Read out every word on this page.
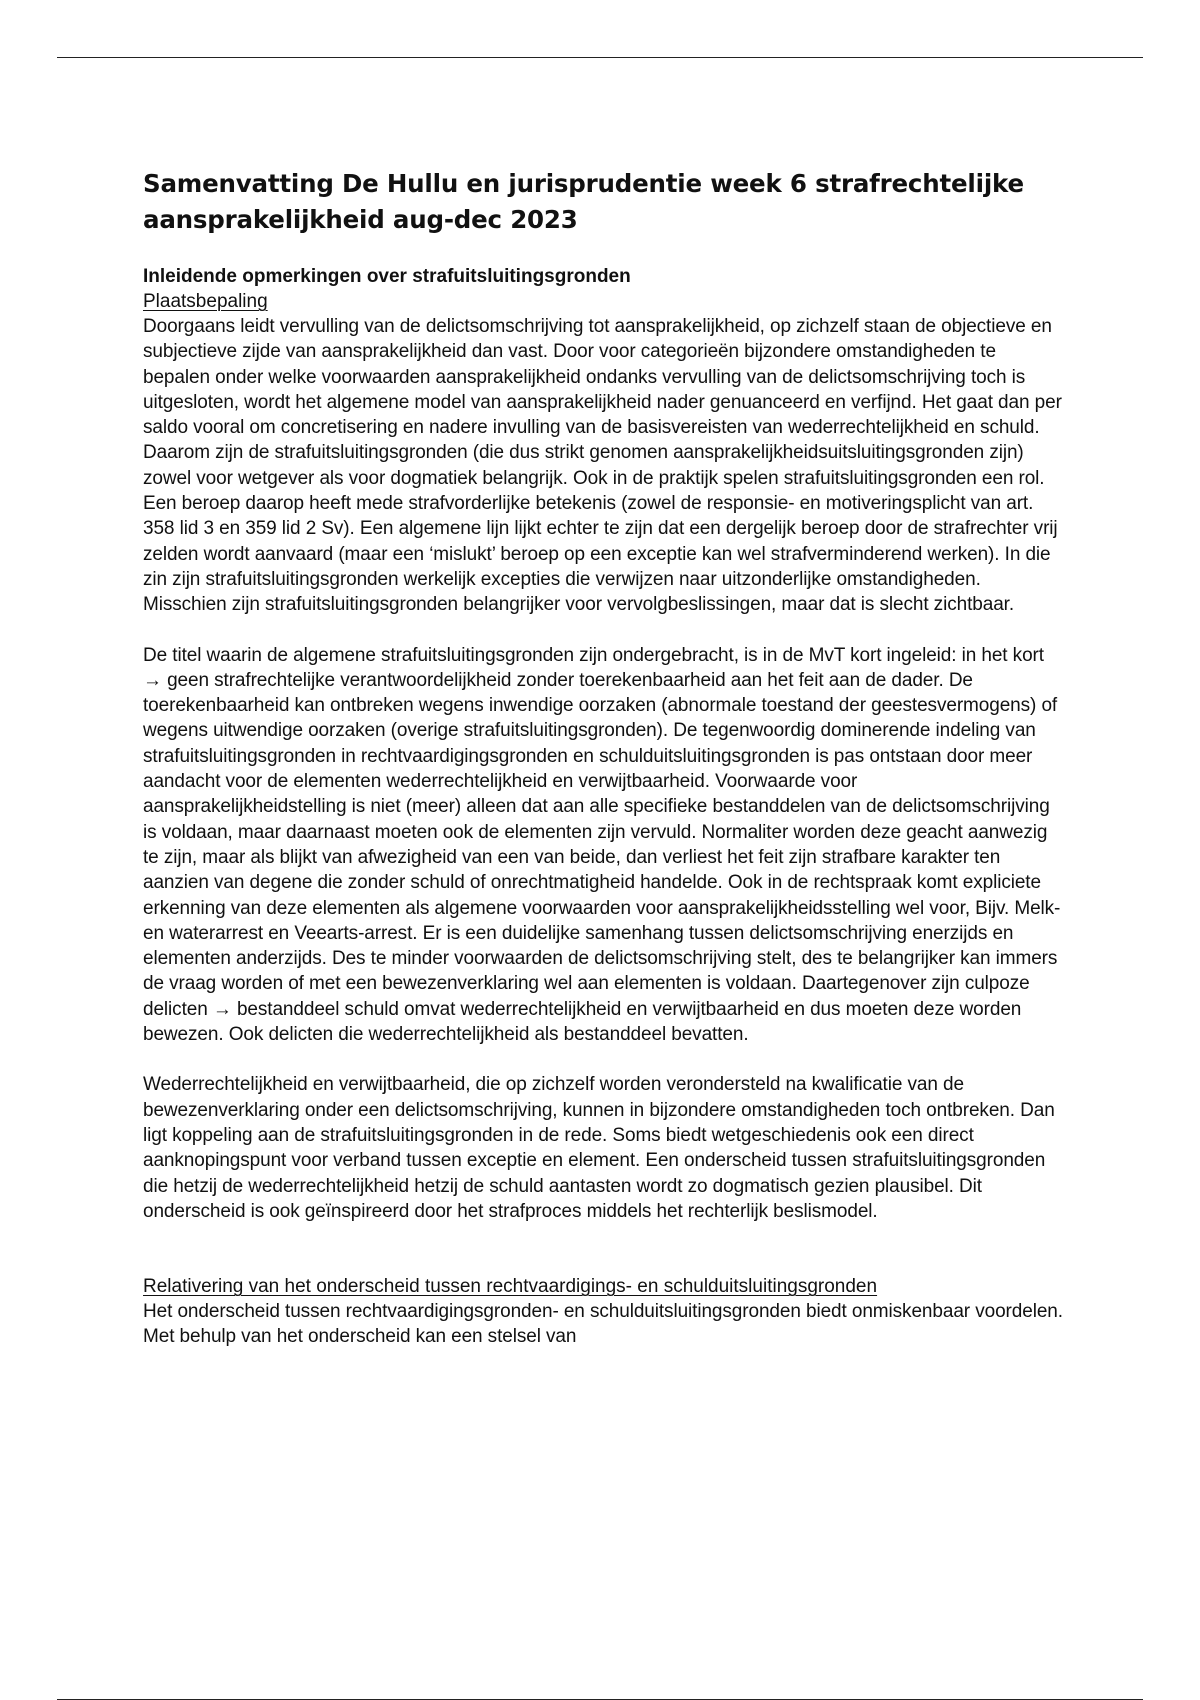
Samenvatting De Hullu en jurisprudentie week 6 strafrechtelijke aansprakelijkheid aug-dec 2023
Inleidende opmerkingen over strafuitsluitingsgronden
Plaatsbepaling

Doorgaans leidt vervulling van de delictsomschrijving tot aansprakelijkheid, op zichzelf staan de objectieve en subjectieve zijde van aansprakelijkheid dan vast. Door voor categorieën bijzondere omstandigheden te bepalen onder welke voorwaarden aansprakelijkheid ondanks vervulling van de delictsomschrijving toch is uitgesloten, wordt het algemene model van aansprakelijkheid nader genuanceerd en verfijnd. Het gaat dan per saldo vooral om concretisering en nadere invulling van de basisvereisten van wederrechtelijkheid en schuld. Daarom zijn de strafuitsluitingsgronden (die dus strikt genomen aansprakelijkheidsuitsluitingsgronden zijn) zowel voor wetgever als voor dogmatiek belangrijk. Ook in de praktijk spelen strafuitsluitingsgronden een rol. Een beroep daarop heeft mede strafvorderlijke betekenis (zowel de responsie- en motiveringsplicht van art. 358 lid 3 en 359 lid 2 Sv). Een algemene lijn lijkt echter te zijn dat een dergelijk beroep door de strafrechter vrij zelden wordt aanvaard (maar een ‘mislukt’ beroep op een exceptie kan wel strafverminderend werken). In die zin zijn strafuitsluitingsgronden werkelijk excepties die verwijzen naar uitzonderlijke omstandigheden. Misschien zijn strafuitsluitingsgronden belangrijker voor vervolgbeslissingen, maar dat is slecht zichtbaar.

De titel waarin de algemene strafuitsluitingsgronden zijn ondergebracht, is in de MvT kort ingeleid: in het kort → geen strafrechtelijke verantwoordelijkheid zonder toerekenbaarheid aan het feit aan de dader. De toerekenbaarheid kan ontbreken wegens inwendige oorzaken (abnormale toestand der geestesvermogens) of wegens uitwendige oorzaken (overige strafuitsluitingsgronden). De tegenwoordig dominerende indeling van strafuitsluitingsgronden in rechtvaardigingsgronden en schulduitsluitingsgronden is pas ontstaan door meer aandacht voor de elementen wederrechtelijkheid en verwijtbaarheid. Voorwaarde voor aansprakelijkheidstelling is niet (meer) alleen dat aan alle specifieke bestanddelen van de delictsomschrijving is voldaan, maar daarnaast moeten ook de elementen zijn vervuld. Normaliter worden deze geacht aanwezig te zijn, maar als blijkt van afwezigheid van een van beide, dan verliest het feit zijn strafbare karakter ten aanzien van degene die zonder schuld of onrechtmatigheid handelde. Ook in de rechtspraak komt expliciete erkenning van deze elementen als algemene voorwaarden voor aansprakelijkheidsstelling wel voor, Bijv. Melk- en waterarrest en Veearts-arrest. Er is een duidelijke samenhang tussen delictsomschrijving enerzijds en elementen anderzijds. Des te minder voorwaarden de delictsomschrijving stelt, des te belangrijker kan immers de vraag worden of met een bewezenverklaring wel aan elementen is voldaan. Daartegenover zijn culpoze delicten → bestanddeel schuld omvat wederrechtelijkheid en verwijtbaarheid en dus moeten deze worden bewezen. Ook delicten die wederrechtelijkheid als bestanddeel bevatten.

Wederrechtelijkheid en verwijtbaarheid, die op zichzelf worden verondersteld na kwalificatie van de bewezenverklaring onder een delictsomschrijving, kunnen in bijzondere omstandigheden toch ontbreken. Dan ligt koppeling aan de strafuitsluitingsgronden in de rede. Soms biedt wetgeschiedenis ook een direct aanknopingspunt voor verband tussen exceptie en element. Een onderscheid tussen strafuitsluitingsgronden die hetzij de wederrechtelijkheid hetzij de schuld aantasten wordt zo dogmatisch gezien plausibel. Dit onderscheid is ook geïnspireerd door het strafproces middels het rechterlijk beslismodel.

Relativering van het onderscheid tussen rechtvaardigings- en schulduitsluitingsgronden

Het onderscheid tussen rechtvaardigingsgronden- en schulduitsluitingsgronden biedt onmiskenbaar voordelen. Met behulp van het onderscheid kan een stelsel van
